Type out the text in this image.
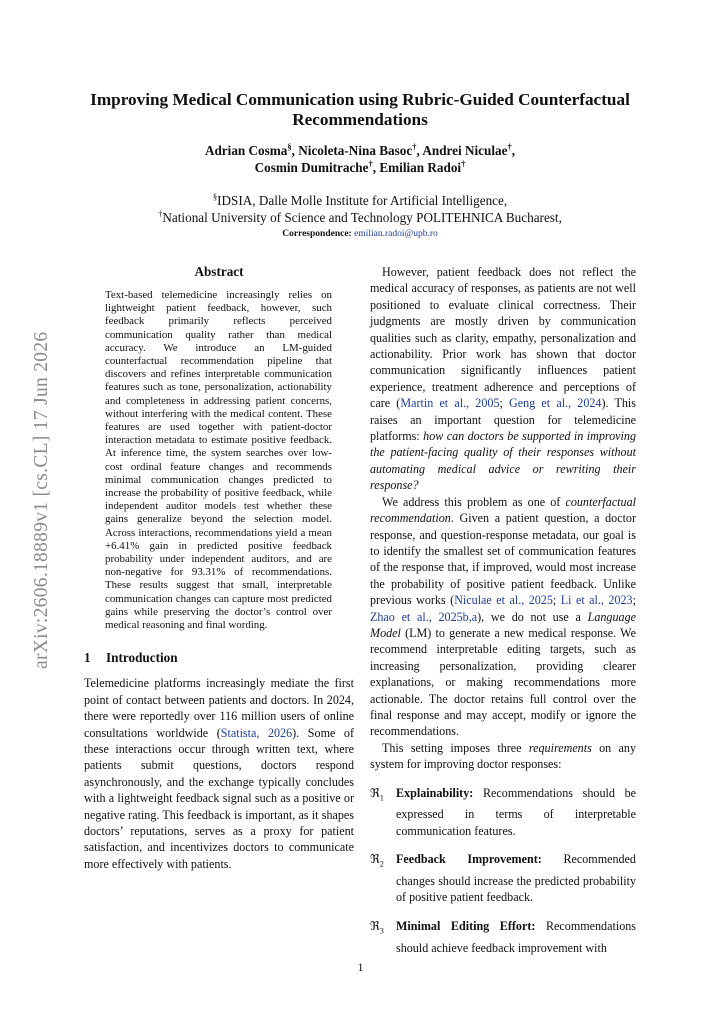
arXiv:2606.18889v1 [cs.CL] 17 Jun 2026
Improving Medical Communication using Rubric-Guided Counterfactual
Recommendations
Adrian Cosma§, Nicoleta-Nina Basoc†, Andrei Niculae†,
Cosmin Dumitrache†, Emilian Radoi†
§IDSIA, Dalle Molle Institute for Artificial Intelligence,
†National University of Science and Technology POLITEHNICA Bucharest,
Correspondence: emilian.radoi@upb.ro
Abstract
Text-based telemedicine increasingly relies on lightweight patient feedback, however, such feedback primarily reflects perceived communication quality rather than medical accuracy. We introduce an LM-guided counterfactual recommendation pipeline that discovers and refines interpretable communication features such as tone, personalization, actionability and completeness in addressing patient concerns, without interfering with the medical content. These features are used together with patient-doctor interaction metadata to estimate positive feedback. At inference time, the system searches over low-cost ordinal feature changes and recommends minimal communication changes predicted to increase the probability of positive feedback, while independent auditor models test whether these gains generalize beyond the selection model. Across interactions, recommendations yield a mean +6.41% gain in predicted positive feedback probability under independent auditors, and are non-negative for 93.31% of recommendations. These results suggest that small, interpretable communication changes can capture most predicted gains while preserving the doctor’s control over medical reasoning and final wording.
1 Introduction

Telemedicine platforms increasingly mediate the first point of contact between patients and doctors. In 2024, there were reportedly over 116 million users of online consultations worldwide (Statista, 2026). Some of these interactions occur through written text, where patients submit questions, doctors respond asynchronously, and the exchange typically concludes with a lightweight feedback signal such as a positive or negative rating. This feedback is important, as it shapes doctors’ reputations, serves as a proxy for patient satisfaction, and incentivizes doctors to communicate more effectively with patients.

However, patient feedback does not reflect the medical accuracy of responses, as patients are not well positioned to evaluate clinical correctness. Their judgments are mostly driven by communication qualities such as clarity, empathy, personalization and actionability. Prior work has shown that doctor communication significantly influences patient experience, treatment adherence and perceptions of care (Martin et al., 2005; Geng et al., 2024). This raises an important question for telemedicine platforms: how can doctors be supported in improving the patient-facing quality of their responses without automating medical advice or rewriting their response?

We address this problem as one of counterfactual recommendation. Given a patient question, a doctor response, and question-response metadata, our goal is to identify the smallest set of communication features of the response that, if improved, would most increase the probability of positive patient feedback. Unlike previous works (Niculae et al., 2025; Li et al., 2023; Zhao et al., 2025b,a), we do not use a Language Model (LM) to generate a new medical response. We recommend interpretable editing targets, such as increasing personalization, providing clearer explanations, or making recommendations more actionable. The doctor retains full control over the final response and may accept, modify or ignore the recommendations.

This setting imposes three requirements on any system for improving doctor responses:

ℜ$_1$ Explainability: Recommendations should be expressed in terms of interpretable communication features.
ℜ$_2$ Feedback Improvement: Recommended changes should increase the predicted probability of positive patient feedback.
ℜ$_3$ Minimal Editing Effort: Recommendations should achieve feedback improvement with
1
